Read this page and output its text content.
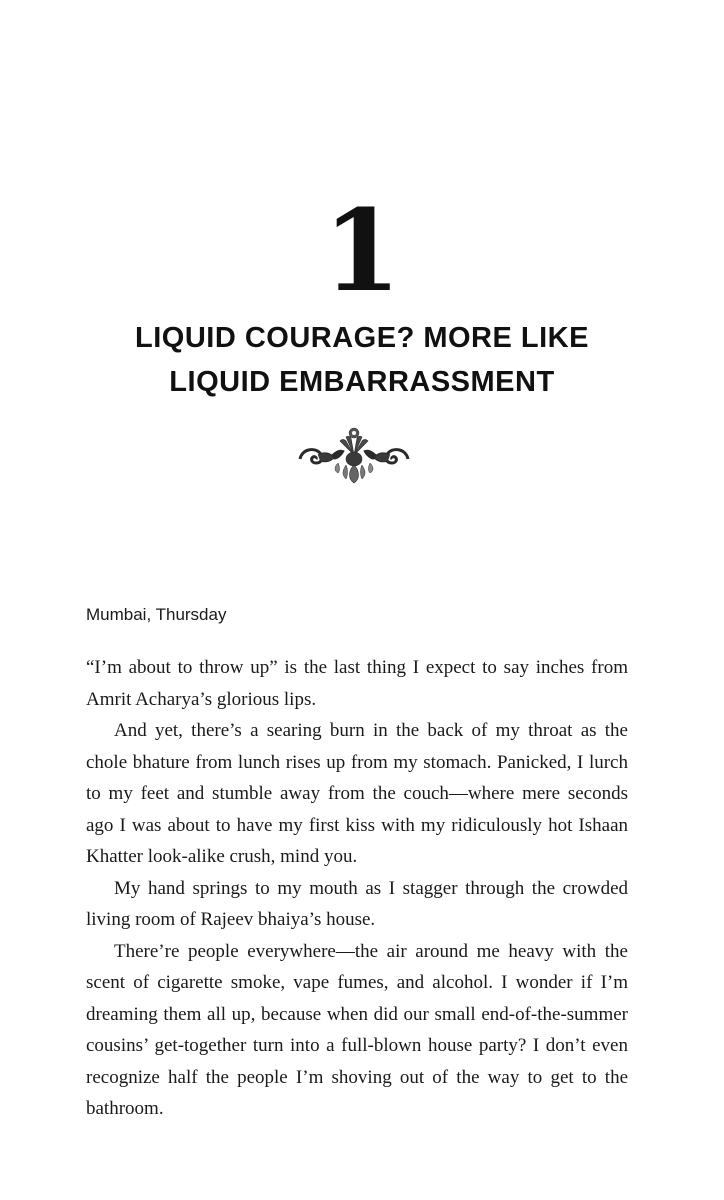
1
LIQUID COURAGE? MORE LIKE
LIQUID EMBARRASSMENT
Mumbai, Thursday

“I’m about to throw up” is the last thing I expect to say inches from Amrit Acharya’s glorious lips.

And yet, there’s a searing burn in the back of my throat as the chole bhature from lunch rises up from my stomach. Panicked, I lurch to my feet and stumble away from the couch—where mere seconds ago I was about to have my first kiss with my ridiculously hot Ishaan Khatter look-alike crush, mind you.

My hand springs to my mouth as I stagger through the crowded living room of Rajeev bhaiya’s house.

There’re people everywhere—the air around me heavy with the scent of cigarette smoke, vape fumes, and alcohol. I wonder if I’m dreaming them all up, because when did our small end-of-the-summer cousins’ get-together turn into a full-blown house party? I don’t even recognize half the people I’m shoving out of the way to get to the bathroom.
